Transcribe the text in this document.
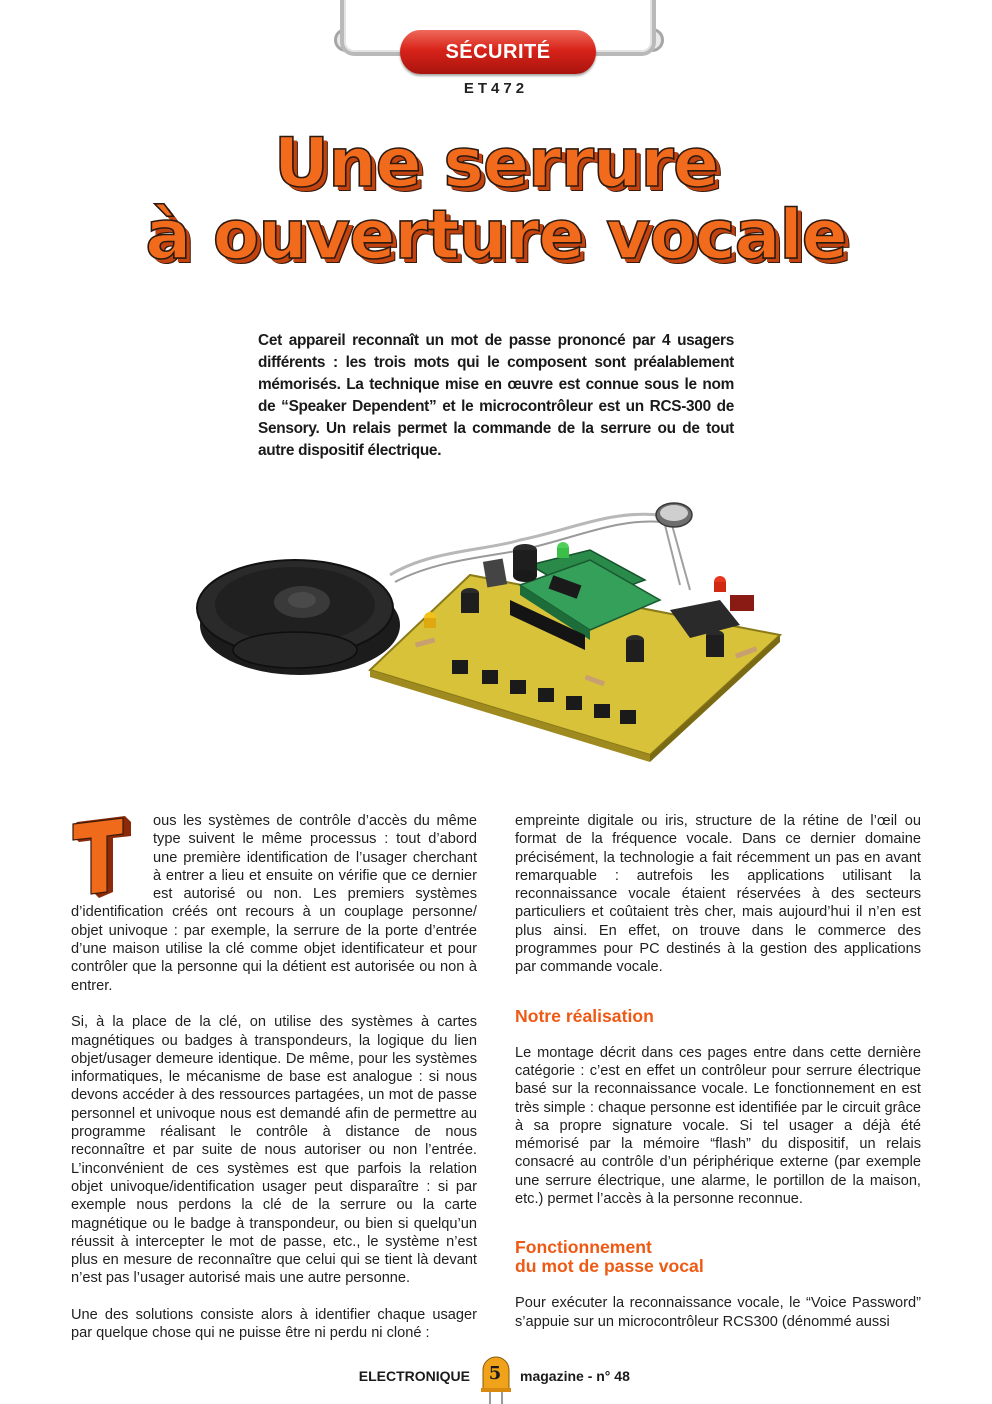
SÉCURITÉ
ET472
Une serrure
à ouverture vocale
Cet appareil reconnaît un mot de passe prononcé par 4 usagers différents : les trois mots qui le composent sont préalablement mémorisés. La technique mise en œuvre est connue sous le nom de “Speaker Dependent” et le microcontrôleur est un RCS-300 de Sensory. Un relais permet la commande de la serrure ou de tout autre dispositif électrique.

ous les systèmes de contrôle d’accès du même type suivent le même processus : tout d’abord une première identification de l’usager cherchant à entrer a lieu et ensuite on vérifie que ce dernier est autorisé ou non. Les premiers systèmes d’identification créés ont recours à un couplage personne/ objet univoque : par exemple, la serrure de la porte d’entrée d’une maison utilise la clé comme objet identificateur et pour contrôler que la personne qui la détient est autorisée ou non à entrer.

Si, à la place de la clé, on utilise des systèmes à cartes magnétiques ou badges à transpondeurs, la logique du lien objet/usager demeure identique. De même, pour les systèmes informatiques, le mécanisme de base est analogue : si nous devons accéder à des ressources partagées, un mot de passe personnel et univoque nous est demandé afin de permettre au programme réalisant le contrôle à distance de nous reconnaître et par suite de nous autoriser ou non l’entrée. L’inconvénient de ces systèmes est que parfois la relation objet univoque/identification usager peut disparaître : si par exemple nous perdons la clé de la serrure ou la carte magnétique ou le badge à transpondeur, ou bien si quelqu’un réussit à intercepter le mot de passe, etc., le système n’est plus en mesure de reconnaître que celui qui se tient là devant n’est pas l’usager autorisé mais une autre personne.

Une des solutions consiste alors à identifier chaque usager par quelque chose qui ne puisse être ni perdu ni cloné :

empreinte digitale ou iris, structure de la rétine de l’œil ou format de la fréquence vocale. Dans ce dernier domaine précisément, la technologie a fait récemment un pas en avant remarquable : autrefois les applications utilisant la reconnaissance vocale étaient réservées à des secteurs particuliers et coûtaient très cher, mais aujourd’hui il n’en est plus ainsi. En effet, on trouve dans le commerce des programmes pour PC destinés à la gestion des applications par commande vocale.

Notre réalisation

Le montage décrit dans ces pages entre dans cette dernière catégorie : c’est en effet un contrôleur pour serrure électrique basé sur la reconnaissance vocale. Le fonctionnement en est très simple : chaque personne est identifiée par le circuit grâce à sa propre signature vocale. Si tel usager a déjà été mémorisé par la mémoire “flash” du dispositif, un relais consacré au contrôle d’un périphérique externe (par exemple une serrure électrique, une alarme, le portillon de la maison, etc.) permet l’accès à la personne reconnue.

Fonctionnement
du mot de passe vocal

Pour exécuter la reconnaissance vocale, le “Voice Password” s’appuie sur un microcontrôleur RCS300 (dénommé aussi

ELECTRONIQUE	5	magazine - n° 48
